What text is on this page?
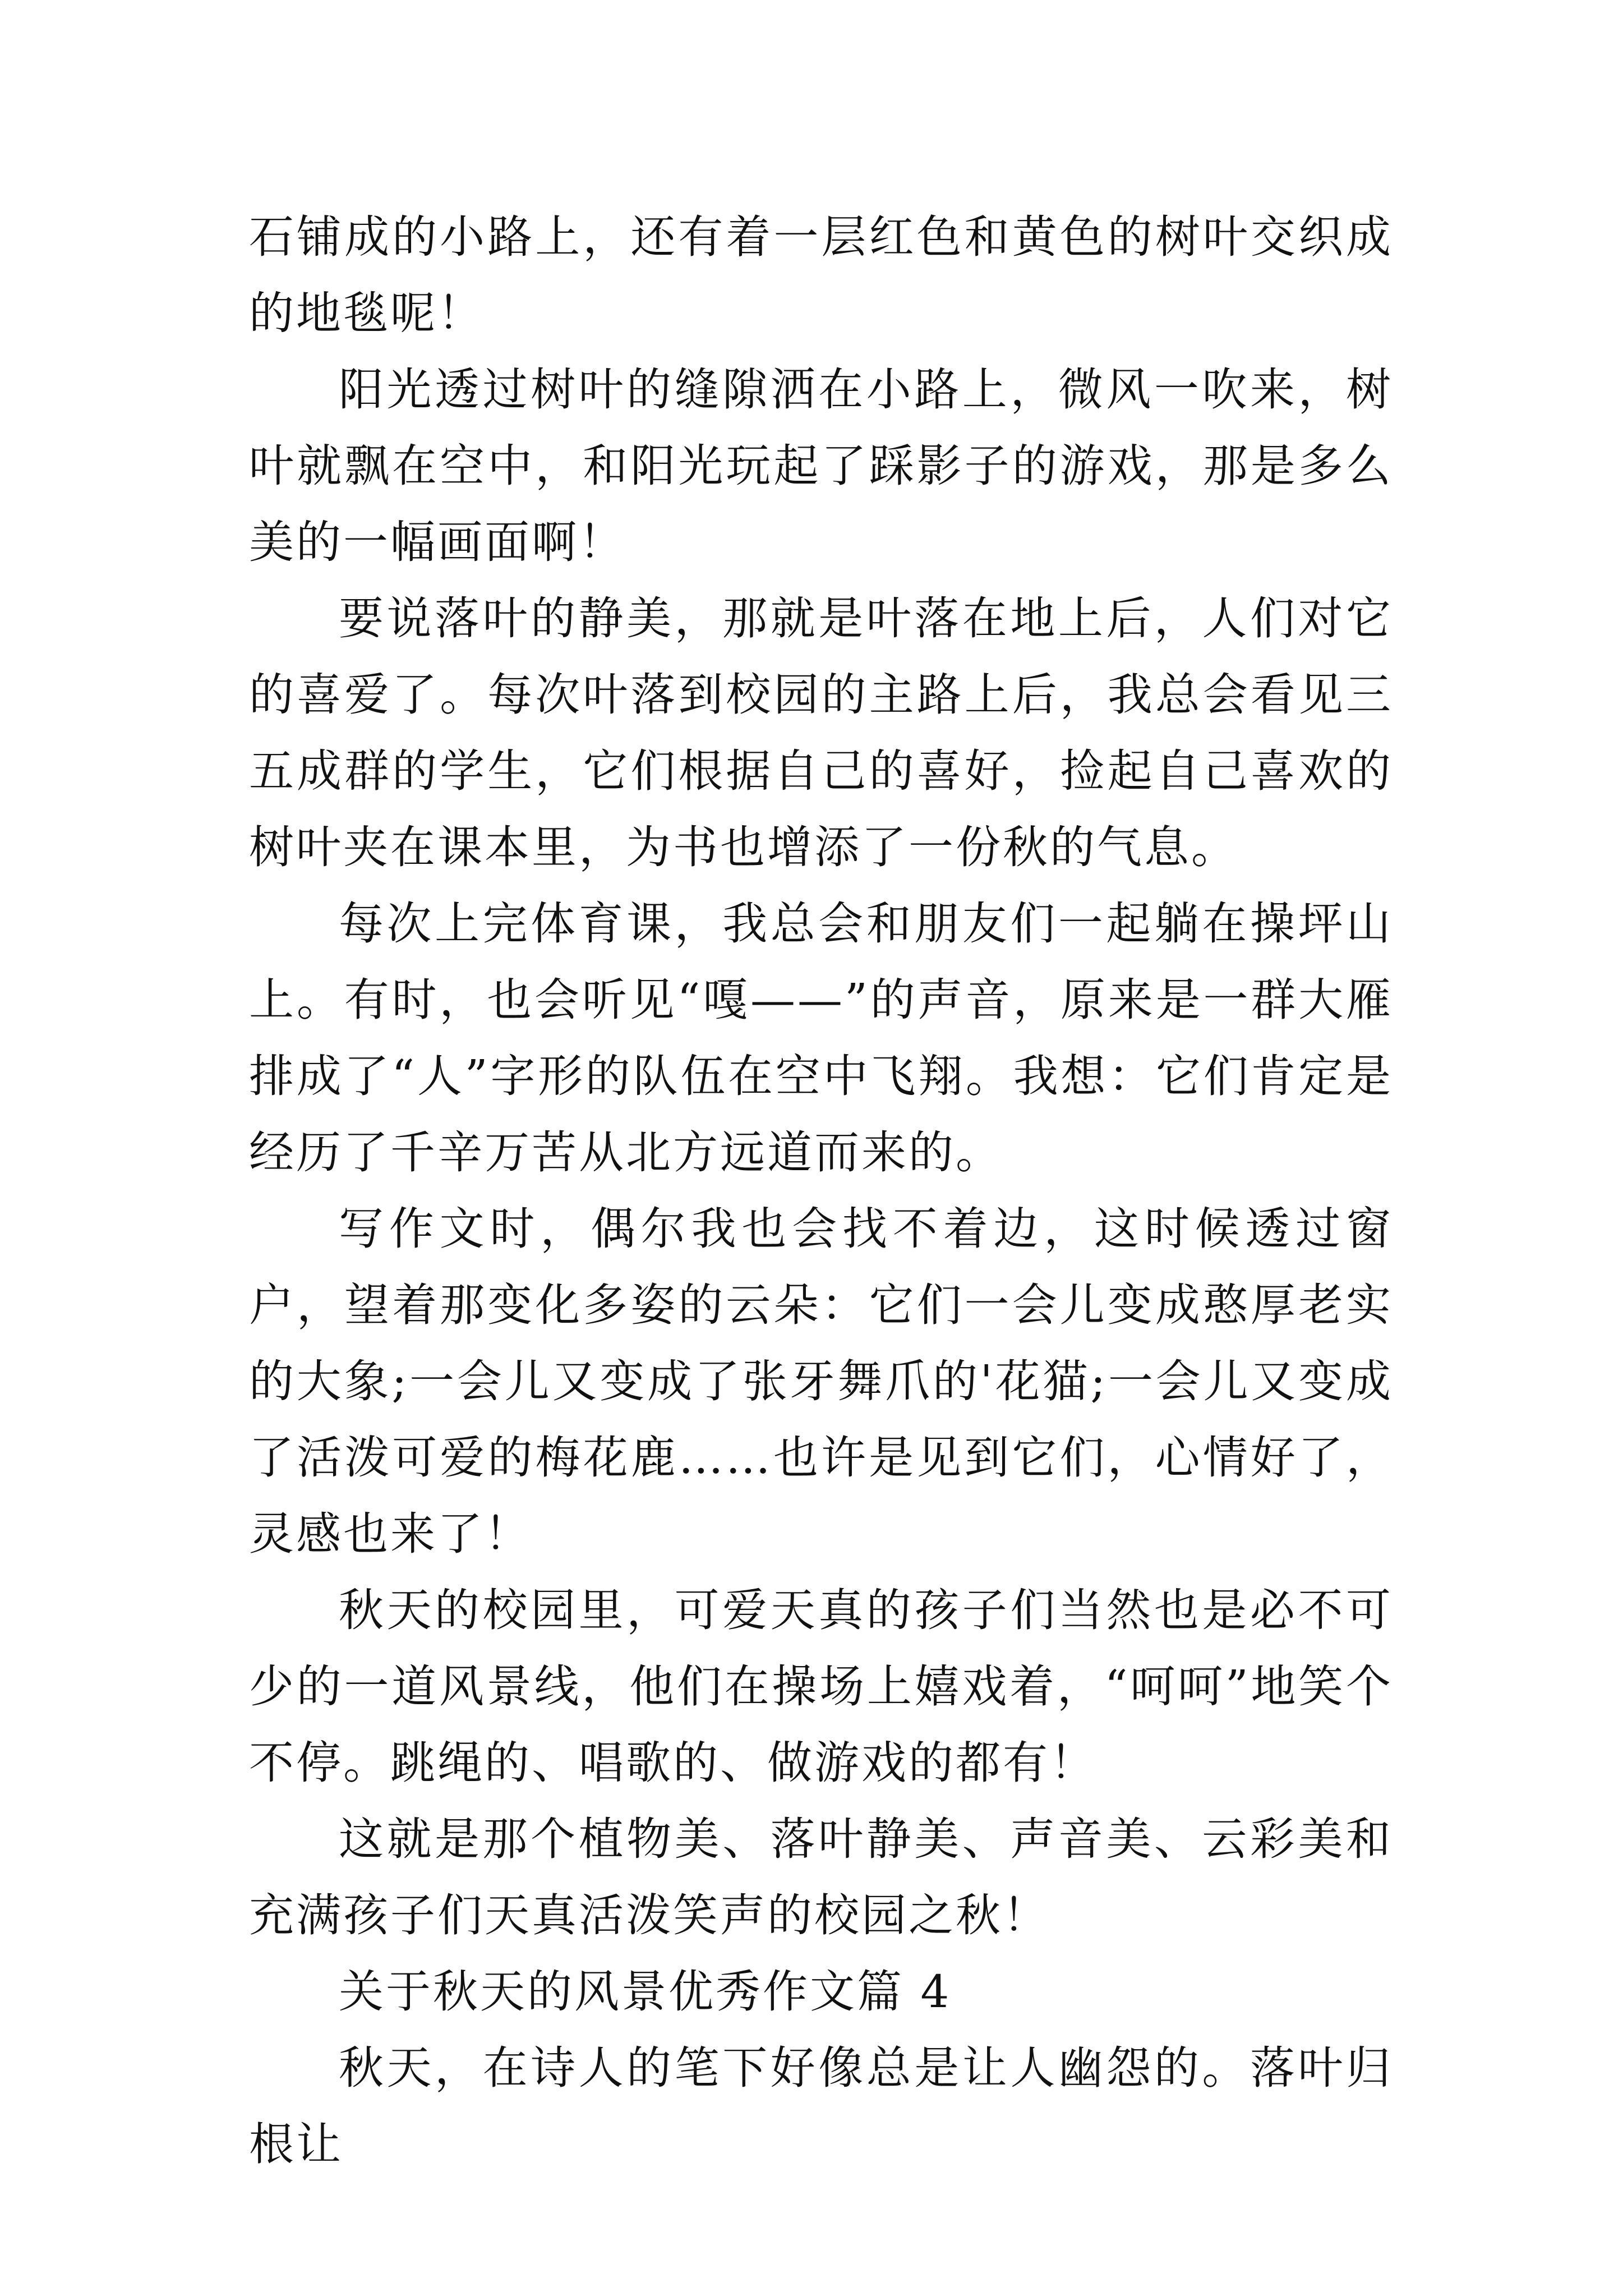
石铺成的小路上，还有着一层红色和黄色的树叶交织成的地毯呢！

阳光透过树叶的缝隙洒在小路上，微风一吹来，树叶就飘在空中，和阳光玩起了踩影子的游戏，那是多么美的一幅画面啊！

要说落叶的静美，那就是叶落在地上后，人们对它的喜爱了。每次叶落到校园的主路上后，我总会看见三五成群的学生，它们根据自己的喜好，捡起自己喜欢的树叶夹在课本里，为书也增添了一份秋的气息。

每次上完体育课，我总会和朋友们一起躺在操坪山上。有时，也会听见“嘎——”的声音，原来是一群大雁排成了“人”字形的队伍在空中飞翔。我想：它们肯定是经历了千辛万苦从北方远道而来的。

写作文时，偶尔我也会找不着边，这时候透过窗户，望着那变化多姿的云朵：它们一会儿变成憨厚老实的大象;一会儿又变成了张牙舞爪的'花猫;一会儿又变成了活泼可爱的梅花鹿……也许是见到它们，心情好了，灵感也来了！

秋天的校园里，可爱天真的孩子们当然也是必不可少的一道风景线，他们在操场上嬉戏着，“呵呵”地笑个不停。跳绳的、唱歌的、做游戏的都有！

这就是那个植物美、落叶静美、声音美、云彩美和充满孩子们天真活泼笑声的校园之秋！

关于秋天的风景优秀作文篇 4

秋天，在诗人的笔下好像总是让人幽怨的。落叶归根让
